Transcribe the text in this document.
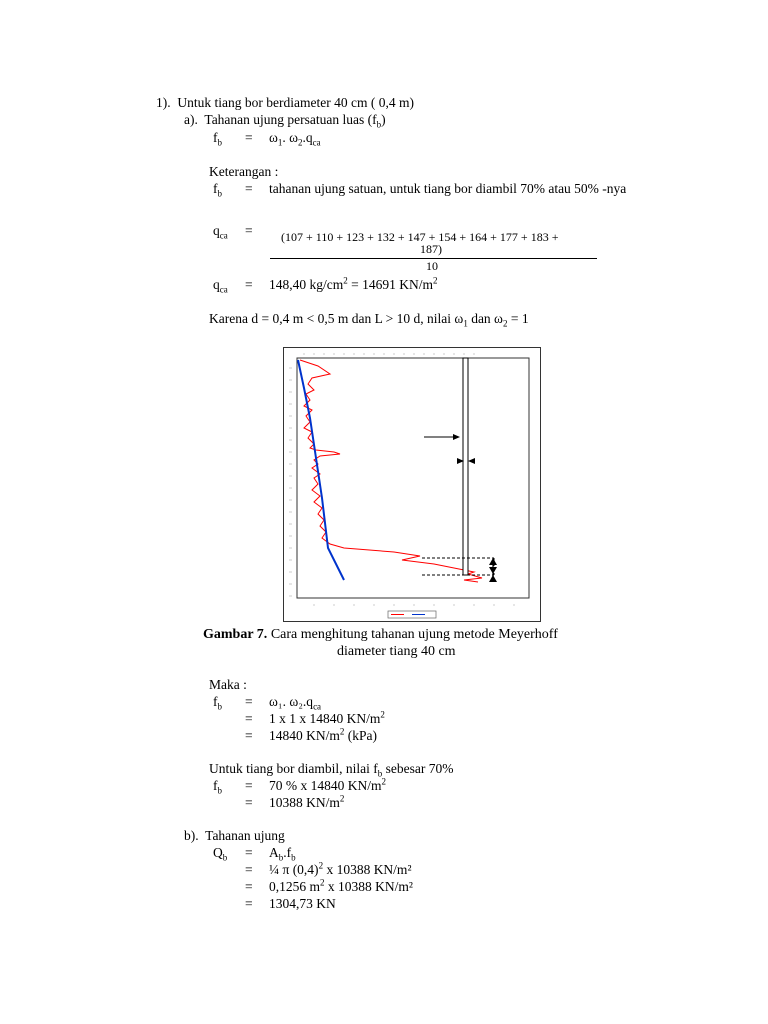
1). Untuk tiang bor berdiameter 40 cm ( 0,4 m)
a). Tahanan ujung persatuan luas $(f_b)$
$f_b = \omega_1$. $\omega_2.q_{ca}$
Keterangan :
$f_b$ = tahanan ujung satuan, untuk tiang bor diambil 70% atau 50% -nya
$q_{ca}$ =	(107 + 110 + 123 + 132 + 147 + 154 + 164 + 177 + 183 +
187)
10
$q_{ca} = 148,40$ $kg/cm^2 = 14691$ $KN/m^2$
Karena d = 0,4 m < 0,5 m dan L > 10 d, nilai $\omega_1$ dan $\omega_2 = 1$
Gambar 7. Cara menghitung tahanan ujung metode Meyerhoff
diameter tiang 40 cm
Maka :
$f_b = \omega_1$. $\omega_2.q_{ca}$
= 1 x 1 x 14840 $KN/m^2$
= 14840 $KN/m^2$ (kPa)
Untuk tiang bor diambil, nilai $f_b$ sebesar 70%
$f_b = 70$ % x 14840 $KN/m^2$
= 10388 $KN/m^2$
b). Tahanan ujung
$Q_b = A_b.f_b$
= ¼ π $(0,4)^2$ x 10388 KN/m²
= 0,1256 $m^2$ x 10388 KN/m²
= 1304,73 KN
